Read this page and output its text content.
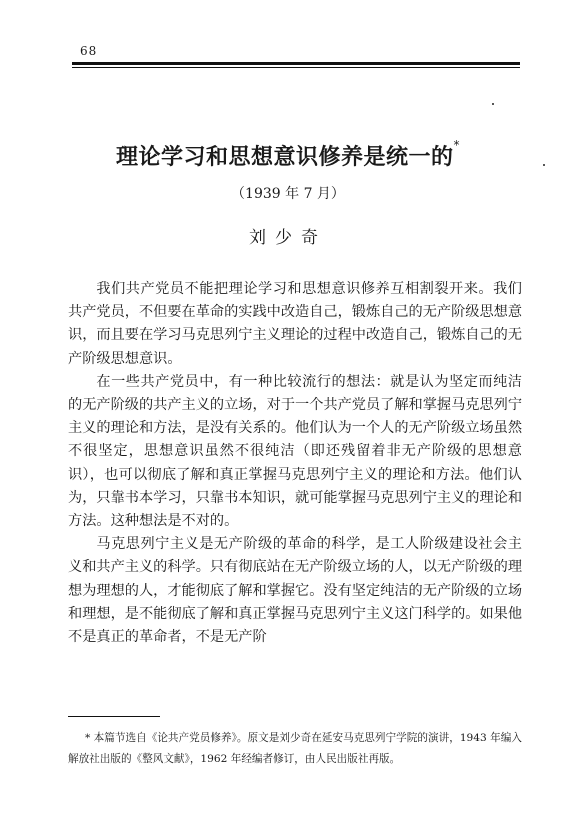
68
理论学习和思想意识修养是统一的*
（1939 年 7 月）
刘少奇

我们共产党员不能把理论学习和思想意识修养互相割裂开来。我们共产党员，不但要在革命的实践中改造自己，锻炼自己的无产阶级思想意识，而且要在学习马克思列宁主义理论的过程中改造自己，锻炼自己的无产阶级思想意识。

在一些共产党员中，有一种比较流行的想法：就是认为坚定而纯洁的无产阶级的共产主义的立场，对于一个共产党员了解和掌握马克思列宁主义的理论和方法，是没有关系的。他们认为一个人的无产阶级立场虽然不很坚定，思想意识虽然不很纯洁（即还残留着非无产阶级的思想意识），也可以彻底了解和真正掌握马克思列宁主义的理论和方法。他们认为，只靠书本学习，只靠书本知识，就可能掌握马克思列宁主义的理论和方法。这种想法是不对的。

马克思列宁主义是无产阶级的革命的科学，是工人阶级建设社会主义和共产主义的科学。只有彻底站在无产阶级立场的人，以无产阶级的理想为理想的人，才能彻底了解和掌握它。没有坚定纯洁的无产阶级的立场和理想，是不能彻底了解和真正掌握马克思列宁主义这门科学的。如果他不是真正的革命者，不是无产阶

* 本篇节选自《论共产党员修养》。原文是刘少奇在延安马克思列宁学院的演讲，1943 年编入解放社出版的《整风文献》，1962 年经编者修订，由人民出版社再版。
